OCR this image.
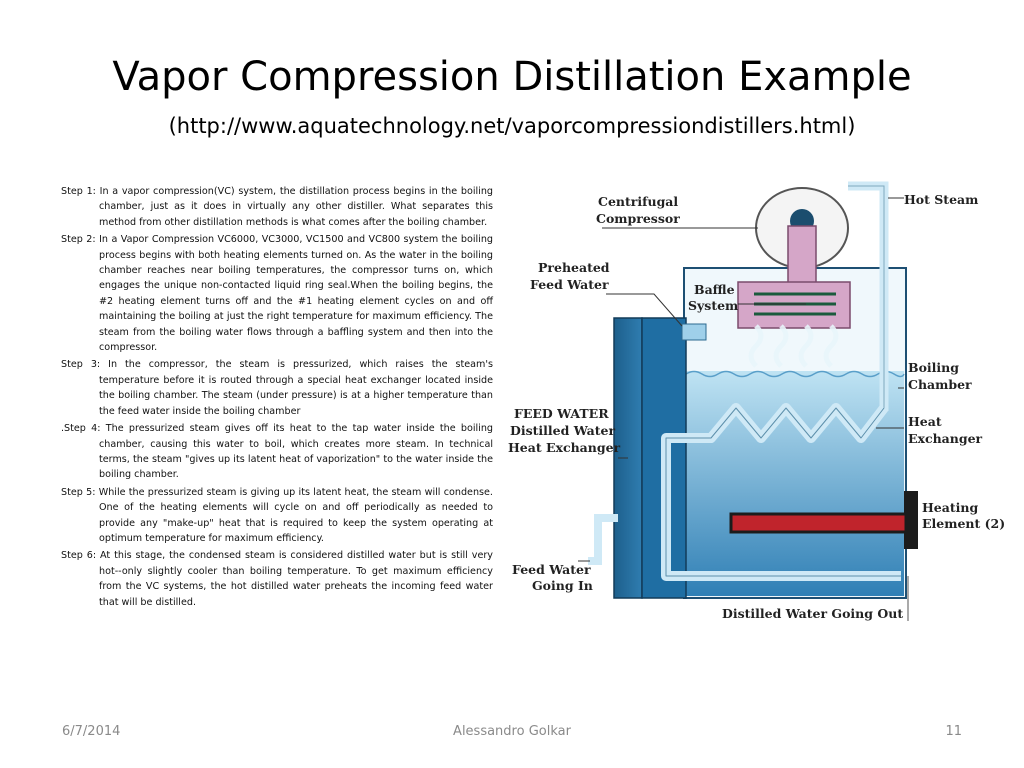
Vapor Compression Distillation Example
(http://www.aquatechnology.net/vaporcompressiondistillers.html)

Step 1: In a vapor compression(VC) system, the distillation process begins in the boiling chamber, just as it does in virtually any other distiller. What separates this method from other distillation methods is what comes after the boiling chamber.

Step 2: In a Vapor Compression VC6000, VC3000, VC1500 and VC800 system the boiling process begins with both heating elements turned on. As the water in the boiling chamber reaches near boiling temperatures, the compressor turns on, which engages the unique non-contacted liquid ring seal.When the boiling begins, the #2 heating element turns off and the #1 heating element cycles on and off maintaining the boiling at just the right temperature for maximum efficiency. The steam from the boiling water flows through a baffling system and then into the compressor.

Step 3: In the compressor, the steam is pressurized, which raises the steam's temperature before it is routed through a special heat exchanger located inside the boiling chamber. The steam (under pressure) is at a higher temperature than the feed water inside the boiling chamber

.Step 4: The pressurized steam gives off its heat to the tap water inside the boiling chamber, causing this water to boil, which creates more steam. In technical terms, the steam "gives up its latent heat of vaporization" to the water inside the boiling chamber.

Step 5: While the pressurized steam is giving up its latent heat, the steam will condense. One of the heating elements will cycle on and off periodically as needed to provide any "make-up" heat that is required to keep the system operating at optimum temperature for maximum efficiency.

Step 6: At this stage, the condensed steam is considered distilled water but is still very hot--only slightly cooler than boiling temperature. To get maximum efficiency from the VC systems, the hot distilled water preheats the incoming feed water that will be distilled.

Centrifugal
Compressor
Hot Steam
Preheated
Feed Water	Baffle
System
Boiling
Chamber
FEED WATER
Distilled Water
Heat Exchanger
Heat
Exchanger
Heating
Element (2)
Feed Water
Going In
Distilled Water Going Out
6/7/2014	Alessandro Golkar	11
